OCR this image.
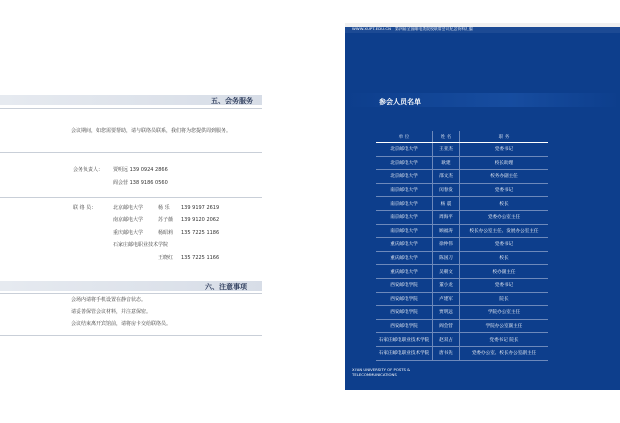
五、会务服务
会议期间，如您需要帮助，请与联络员联系，我们将为您提供周到服务。
会务负责人： 贾明远 139 0924 2866
阎会营 138 9186 0560
联 络 员：	北京邮电大学	杨 乐 139 9197 2619
南京邮电大学	苏子薇 139 9120 2062
重庆邮电大学	杨昭莉 135 7225 1186
石家庄邮电职业技术学院
王晓红 135 7225 1166
六、注意事项
会场内请将手机设置在静音状态。
请妥善保管会议材料，并注意保密。
会议结束离开宾馆前，请将房卡交给联络员。
WWW.XUPT.EDU.CN 第四届全国邮电类院校联席会议纪念资料汇编
参会人员名单
单 位	姓 名	职 务
北京邮电大学	王亚杰	党委书记
北京邮电大学	耿建	校长助理
北京邮电大学	邵文杰	校务办副主任
南京邮电大学	闵春发	党委书记
南京邮电大学	杨 震	校长
南京邮电大学	周海平	党委办公室主任
南京邮电大学	顾福涛	校长办公室主任、发展办公室主任
重庆邮电大学	徐仲伟	党委书记
重庆邮电大学	陈国刀	校长
重庆邮电大学	吴朝文	校办副主任
西安邮电学院	董小龙	党委书记
西安邮电学院	卢建军	院长
西安邮电学院	贾明远	学院办公室主任
西安邮电学院	阎会营	学院办公室副主任
石家庄邮电职业技术学院	赵双占	党委书记 院长
石家庄邮电职业技术学院	唐书先	党委办公室、校长办公室副主任
XI'AN UNIVERSITY OF POSTS &
TELECOMMUNICATIONS
